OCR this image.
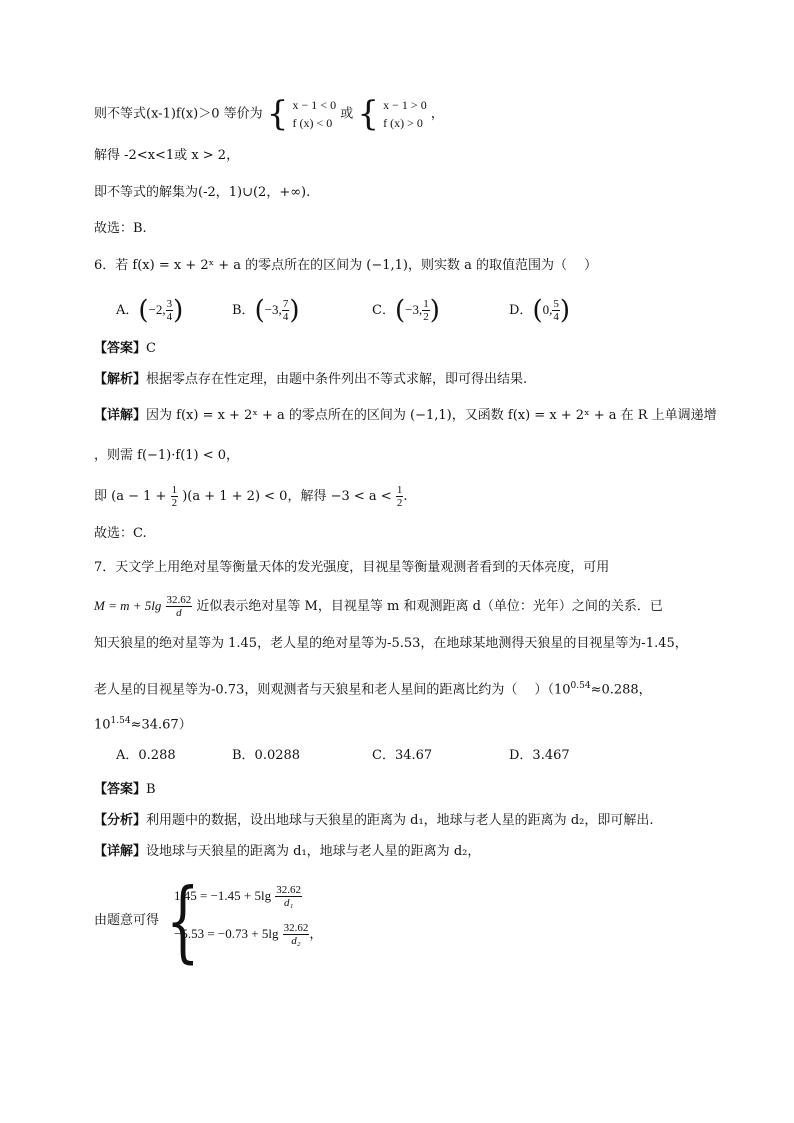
则不等式(x-1)f(x)＞0 等价为 { x − 1 < 0
f (x) < 0
或 { x − 1 > 0
f (x) > 0
，
解得 -2<x<1或 x > 2，
即不等式的解集为(-2，1)∪(2，+∞).
故选：B.
6．若 f(x) = x + 2ˣ + a 的零点所在的区间为 (−1,1)，则实数 a 的取值范围为（　 ）
A．(−2, $\frac{3}{4}$ )	B．(−3, $\frac{7}{4}$ )	C．(−3, $\frac{1}{2}$ )	D．(0, $\frac{5}{4}$ )
【答案】C
【解析】根据零点存在性定理，由题中条件列出不等式求解，即可得出结果.
【详解】因为 f(x) = x + 2ˣ + a 的零点所在的区间为 (−1,1)，又函数 f(x) = x + 2ˣ + a 在 R 上单调递增
，则需 f(−1)·f(1) < 0，
即 $(a - 1 + \frac{1}{2} )(a + 1 + 2) < 0$，解得 $-3 < a < \frac{1}{2}$ .
故选：C.
7．天文学上用绝对星等衡量天体的发光强度，目视星等衡量观测者看到的天体亮度，可用
$M = m + 5\lg \frac{32.62}{d}$ 近似表示绝对星等 M，目视星等 m 和观测距离 d（单位：光年）之间的关系．已
知天狼星的绝对星等为 1.45，老人星的绝对星等为-5.53，在地球某地测得天狼星的目视星等为-1.45，
老人星的目视星等为-0.73，则观测者与天狼星和老人星间的距离比约为（　 ）（$10^{0.54}\approx 0.288$，
$10^{1.54}\approx 34.67$）
A．0.288	B．0.0288	C．34.67	D．3.467
【答案】B
【分析】利用题中的数据，设出地球与天狼星的距离为 d₁，地球与老人星的距离为 d₂，即可解出.
【详解】设地球与天狼星的距离为 d₁，地球与老人星的距离为 d₂，
由题意可得 {
$1.45 = -1.45 + 5\lg \frac{32.62}{\text{d₁}}$
$-5.53 = -0.73 + 5\lg \frac{32.62}{\text{d₂}}$ ，
